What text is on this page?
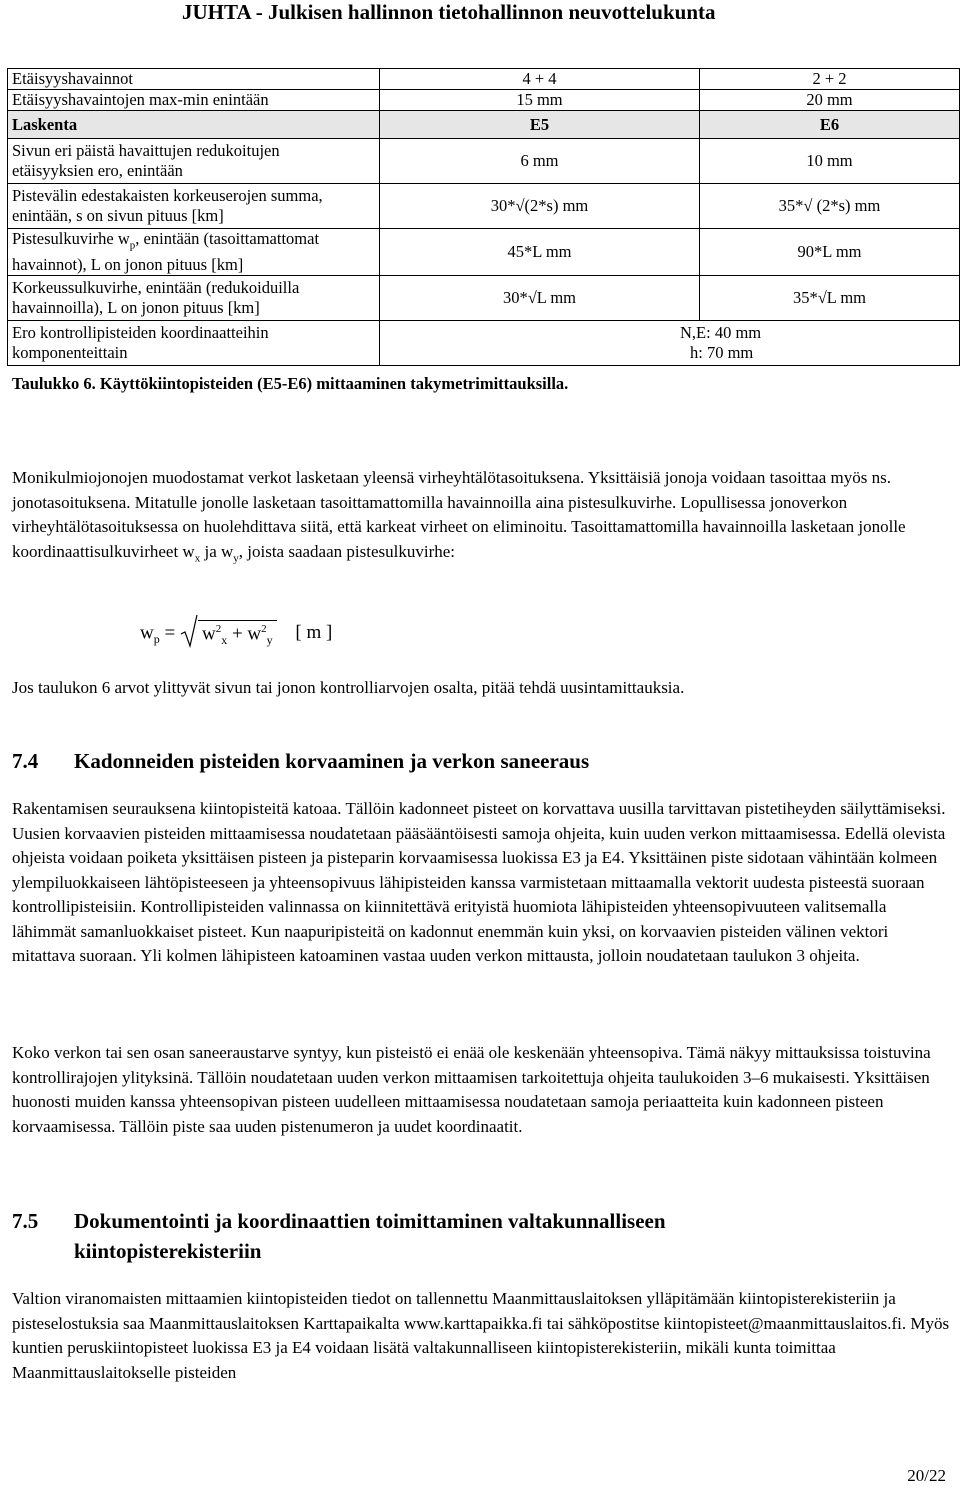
JUHTA - Julkisen hallinnon tietohallinnon neuvottelukunta
Etäisyyshavainnot	4 + 4	2 + 2
Etäisyyshavaintojen max-min enintään	15 mm	20 mm
Laskenta	E5	E6
Sivun eri päistä havaittujen redukoitujen
etäisyyksien ero, enintään	6 mm	10 mm
Pistevälin edestakaisten korkeuserojen summa,
enintään, s on sivun pituus [km]	30*√(2*s) mm	35*√ (2*s) mm
Pistesulkuvirhe $w_p$, enintään (tasoittamattomat
havainnot), L on jonon pituus [km]	45*L mm	90*L mm
Korkeussulkuvirhe, enintään (redukoiduilla
havainnoilla), L on jonon pituus [km]	30*√L mm	35*√L mm
Ero kontrollipisteiden koordinaatteihin
komponenteittain	N,E: 40 mm
h: 70 mm	
Taulukko 6. Käyttökiintopisteiden (E5-E6) mittaaminen takymetrimittauksilla.

Monikulmiojonojen muodostamat verkot lasketaan yleensä virheyhtälötasoituksena. Yksittäisiä jonoja voidaan tasoittaa myös ns. jonotasoituksena. Mitatulle jonolle lasketaan tasoittamattomilla havainnoilla aina pistesulkuvirhe. Lopullisessa jonoverkon virheyhtälötasoituksessa on huolehdittava siitä, että karkeat virheet on eliminoitu. Tasoittamattomilla havainnoilla lasketaan jonolle koordinaattisulkuvirheet $w_x$ ja $w_y$, joista saadaan pistesulkuvirhe:

$w_p = w^2_x + w^2_y$ [ m ]

Jos taulukon 6 arvot ylittyvät sivun tai jonon kontrolliarvojen osalta, pitää tehdä uusintamittauksia.

7.4 Kadonneiden pisteiden korvaaminen ja verkon saneeraus

Rakentamisen seurauksena kiintopisteitä katoaa. Tällöin kadonneet pisteet on korvattava uusilla tarvittavan pistetiheyden säilyttämiseksi. Uusien korvaavien pisteiden mittaamisessa noudatetaan pääsääntöisesti samoja ohjeita, kuin uuden verkon mittaamisessa. Edellä olevista ohjeista voidaan poiketa yksittäisen pisteen ja pisteparin korvaamisessa luokissa E3 ja E4. Yksittäinen piste sidotaan vähintään kolmeen ylempiluokkaiseen lähtöpisteeseen ja yhteensopivuus lähipisteiden kanssa varmistetaan mittaamalla vektorit uudesta pisteestä suoraan kontrollipisteisiin. Kontrollipisteiden valinnassa on kiinnitettävä erityistä huomiota lähipisteiden yhteensopivuuteen valitsemalla lähimmät samanluokkaiset pisteet. Kun naapuripisteitä on kadonnut enemmän kuin yksi, on korvaavien pisteiden välinen vektori mitattava suoraan. Yli kolmen lähipisteen katoaminen vastaa uuden verkon mittausta, jolloin noudatetaan taulukon 3 ohjeita.

Koko verkon tai sen osan saneeraustarve syntyy, kun pisteistö ei enää ole keskenään yhteensopiva. Tämä näkyy mittauksissa toistuvina kontrollirajojen ylityksinä. Tällöin noudatetaan uuden verkon mittaamisen tarkoitettuja ohjeita taulukoiden 3–6 mukaisesti. Yksittäisen huonosti muiden kanssa yhteensopivan pisteen uudelleen mittaamisessa noudatetaan samoja periaatteita kuin kadonneen pisteen korvaamisessa. Tällöin piste saa uuden pistenumeron ja uudet koordinaatit.

7.5 Dokumentointi ja koordinaattien toimittaminen valtakunnalliseen
kiintopisterekisteriin

Valtion viranomaisten mittaamien kiintopisteiden tiedot on tallennettu Maanmittauslaitoksen ylläpitämään kiintopisterekisteriin ja pisteselostuksia saa Maanmittauslaitoksen Karttapaikalta www.karttapaikka.fi tai sähköpostitse kiintopisteet@maanmittauslaitos.fi. Myös kuntien peruskiintopisteet luokissa E3 ja E4 voidaan lisätä valtakunnalliseen kiintopisterekisteriin, mikäli kunta toimittaa Maanmittauslaitokselle pisteiden

20/22
